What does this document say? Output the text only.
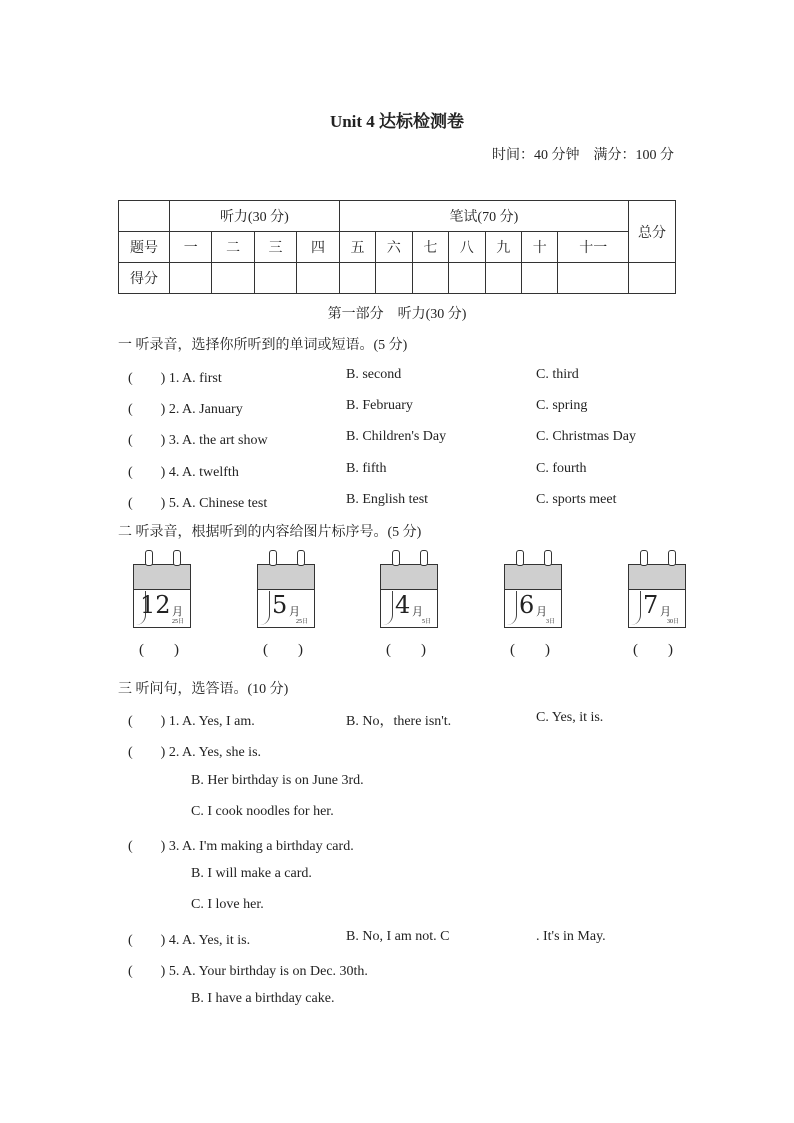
Unit 4 达标检测卷
时间：40 分钟　满分：100 分
	听力(30 分)				笔试(70 分)							总分
题号	一	二	三	四	五	六	七	八	九	十	十一	
得分												
第一部分　听力(30 分)
一 听录音，选择你所听到的单词或短语。(5 分)
(　　) 1. A. first	B. second	C. third
(　　) 2. A. January	B. February	C. spring
(　　) 3. A. the art show	B. Children's Day	C. Christmas Day
(　　) 4. A. twelfth	B. fifth	C. fourth
(　　) 5. A. Chinese test	B. English test	C. sports meet
二 听录音，根据听到的内容给图片标序号。(5 分)
12 月
25日
5 月
25日
4 月
5日
6 月
3日
7 月
30日
(　　)	(　　)	(　　)	(　　)	(　　)
三 听问句，选答语。(10 分)
(　　) 1. A. Yes, I am.	B. No，there isn't.	C. Yes, it is.
(　　) 2. A. Yes, she is.
B. Her birthday is on June 3rd.
C. I cook noodles for her.
(　　) 3. A. I'm making a birthday card.
B. I will make a card.
C. I love her.
(　　) 4. A. Yes, it is.	B. No, I am not. C	. It's in May.
(　　) 5. A. Your birthday is on Dec. 30th.
B. I have a birthday cake.
